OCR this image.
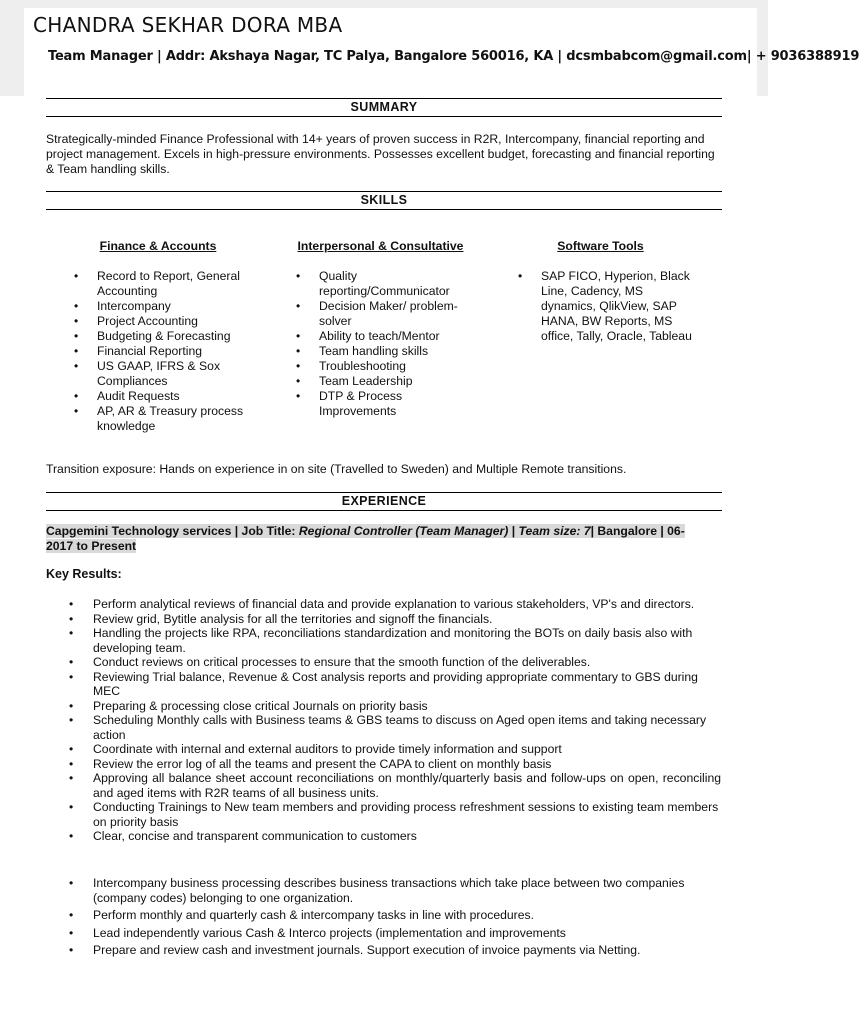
CHANDRA SEKHAR DORA MBA
Team Manager | Addr: Akshaya Nagar, TC Palya, Bangalore 560016, KA | dcsmbabcom@gmail.com| + 9036388919
SUMMARY
Strategically-minded Finance Professional with 14+ years of proven success in R2R, Intercompany, financial reporting and project management. Excels in high-pressure environments. Possesses excellent budget, forecasting and financial reporting & Team handling skills.
SKILLS
Finance & Accounts
• Record to Report, General Accounting
• Intercompany
• Project Accounting
• Budgeting & Forecasting
• Financial Reporting
• US GAAP, IFRS & Sox Compliances
• Audit Requests
• AP, AR & Treasury process knowledge
Interpersonal & Consultative
• Quality reporting/Communicator
• Decision Maker/ problem-solver
• Ability to teach/Mentor
• Team handling skills
• Troubleshooting
• Team Leadership
• DTP & Process Improvements
Software Tools
• SAP FICO, Hyperion, Black Line, Cadency, MS dynamics, QlikView, SAP HANA, BW Reports, MS office, Tally, Oracle, Tableau
Transition exposure: Hands on experience in on site (Travelled to Sweden) and Multiple Remote transitions.
EXPERIENCE
Capgemini Technology services | Job Title: Regional Controller (Team Manager) | Team size: 7| Bangalore | 06-2017 to Present
Key Results:
• Perform analytical reviews of financial data and provide explanation to various stakeholders, VP's and directors.
• Review grid, Bytitle analysis for all the territories and signoff the financials.
• Handling the projects like RPA, reconciliations standardization and monitoring the BOTs on daily basis also with developing team.
• Conduct reviews on critical processes to ensure that the smooth function of the deliverables.
• Reviewing Trial balance, Revenue & Cost analysis reports and providing appropriate commentary to GBS during MEC
• Preparing & processing close critical Journals on priority basis
• Scheduling Monthly calls with Business teams & GBS teams to discuss on Aged open items and taking necessary action
• Coordinate with internal and external auditors to provide timely information and support
• Review the error log of all the teams and present the CAPA to client on monthly basis
• Approving all balance sheet account reconciliations on monthly/quarterly basis and follow-ups on open, reconciling and aged items with R2R teams of all business units.
• Conducting Trainings to New team members and providing process refreshment sessions to existing team members on priority basis
• Clear, concise and transparent communication to customers
• Intercompany business processing describes business transactions which take place between two companies (company codes) belonging to one organization.
• Perform monthly and quarterly cash & intercompany tasks in line with procedures.
• Lead independently various Cash & Interco projects (implementation and improvements
• Prepare and review cash and investment journals. Support execution of invoice payments via Netting.
